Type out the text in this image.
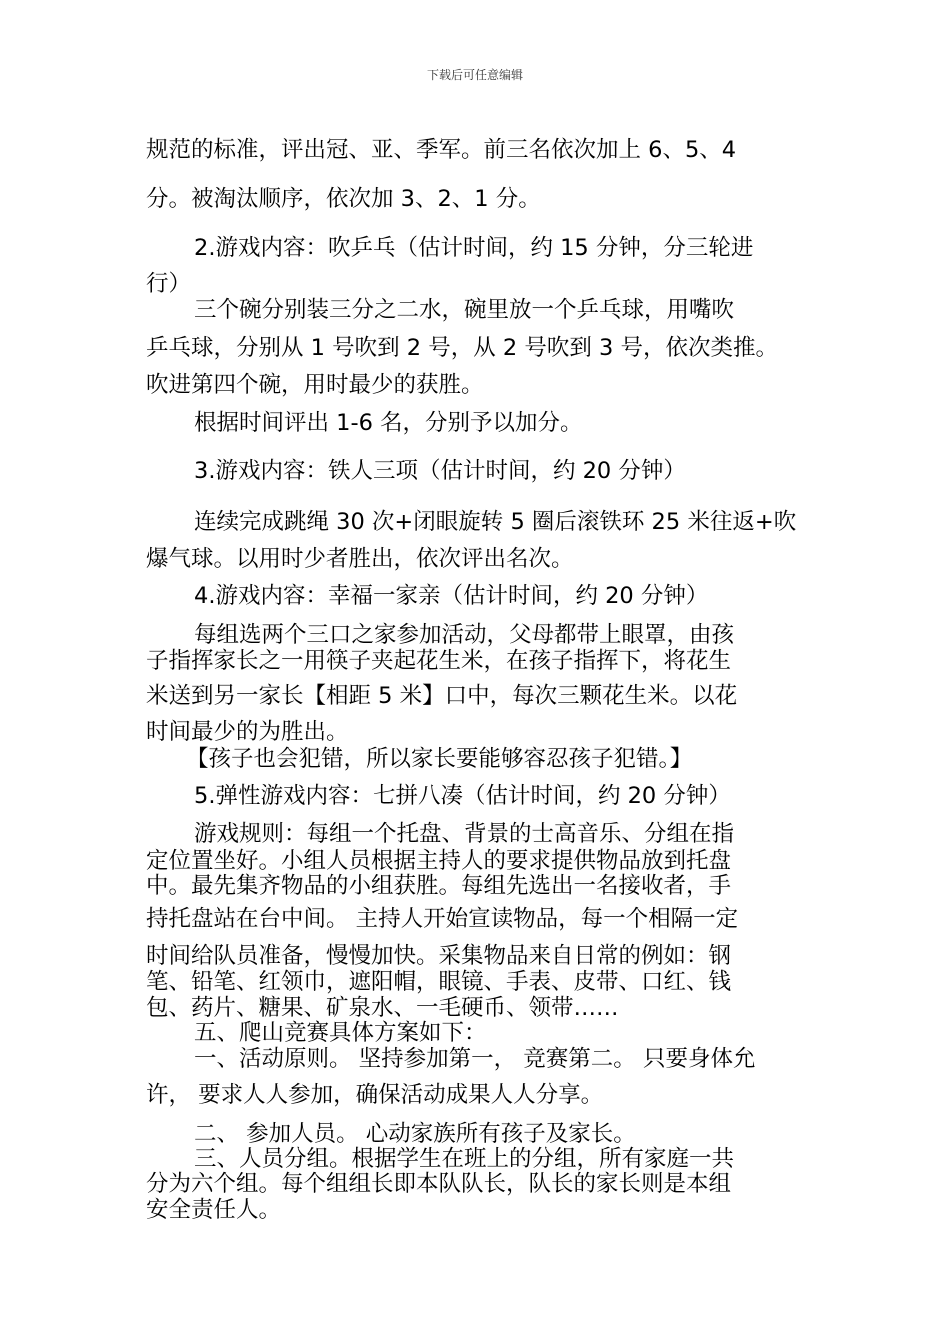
下载后可任意编辑
规范的标准，评出冠、亚、季军。前三名依次加上 6、5、4
分。被淘汰顺序，依次加 3、2、1 分。
2.游戏内容：吹乒乓（估计时间，约 15 分钟，分三轮进
行）
三个碗分别装三分之二水，碗里放一个乒乓球，用嘴吹
乒乓球，分别从 1 号吹到 2 号，从 2 号吹到 3 号，依次类推。
吹进第四个碗，用时最少的获胜。
根据时间评出 1-6 名，分别予以加分。
3.游戏内容：铁人三项（估计时间，约 20 分钟）
连续完成跳绳 30 次+闭眼旋转 5 圈后滚铁环 25 米往返+吹
爆气球。以用时少者胜出，依次评出名次。
4.游戏内容：幸福一家亲（估计时间，约 20 分钟）
每组选两个三口之家参加活动，父母都带上眼罩，由孩
子指挥家长之一用筷子夹起花生米，在孩子指挥下，将花生
米送到另一家长【相距 5 米】口中，每次三颗花生米。以花
时间最少的为胜出。
【孩子也会犯错，所以家长要能够容忍孩子犯错。】
5.弹性游戏内容：七拼八凑（估计时间，约 20 分钟）
游戏规则：每组一个托盘、背景的士高音乐、分组在指
定位置坐好。小组人员根据主持人的要求提供物品放到托盘
中。最先集齐物品的小组获胜。每组先选出一名接收者，手
持托盘站在台中间。 主持人开始宣读物品，每一个相隔一定
时间给队员准备，慢慢加快。采集物品来自日常的例如：钢
笔、铅笔、红领巾，遮阳帽，眼镜、手表、皮带、口红、钱
包、药片、糖果、矿泉水、一毛硬币、领带……
五、爬山竞赛具体方案如下：
一、活动原则。 坚持参加第一， 竞赛第二。 只要身体允
许， 要求人人参加，确保活动成果人人分享。
二、 参加人员。 心动家族所有孩子及家长。
三、人员分组。根据学生在班上的分组，所有家庭一共
分为六个组。每个组组长即本队队长，队长的家长则是本组
安全责任人。
